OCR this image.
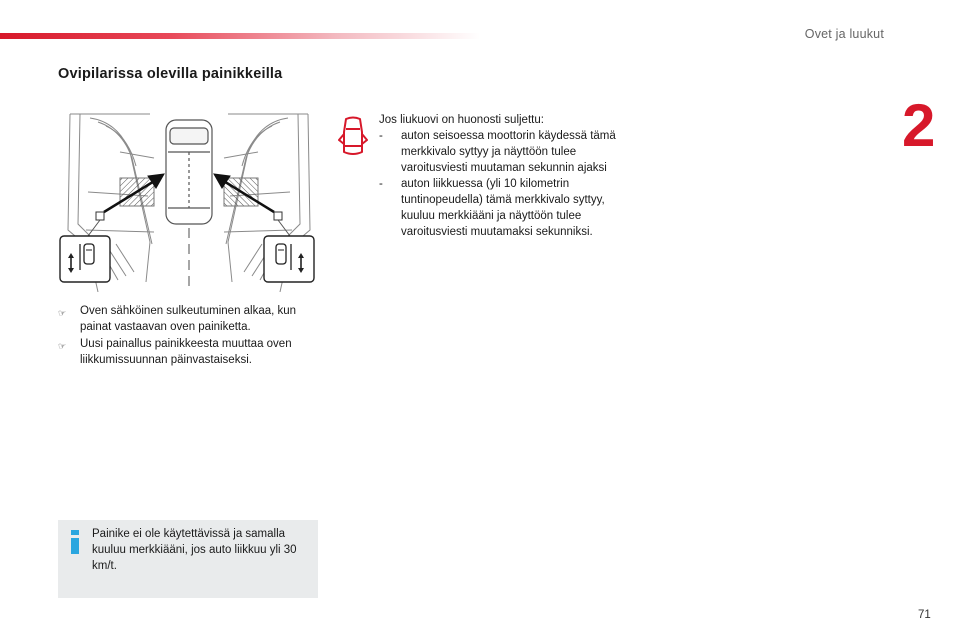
Ovet ja luukut
2
Ovipilarissa olevilla painikkeilla
☞	Oven sähköinen sulkeutuminen alkaa, kun painat vastaavan oven painiketta.
☞	Uusi painallus painikkeesta muuttaa oven liikkumissuunnan päinvastaiseksi.
Jos liukuovi on huonosti suljettu:
-	auton seisoessa moottorin käydessä tämä merkkivalo syttyy ja näyttöön tulee varoitusviesti muutaman sekunnin ajaksi
-	auton liikkuessa (yli 10 kilometrin tuntinopeudella) tämä merkkivalo syttyy, kuuluu merkkiääni ja näyttöön tulee varoitusviesti muutamaksi sekunniksi.
Painike ei ole käytettävissä ja samalla kuuluu merkkiääni, jos auto liikkuu yli 30 km/t.
71
